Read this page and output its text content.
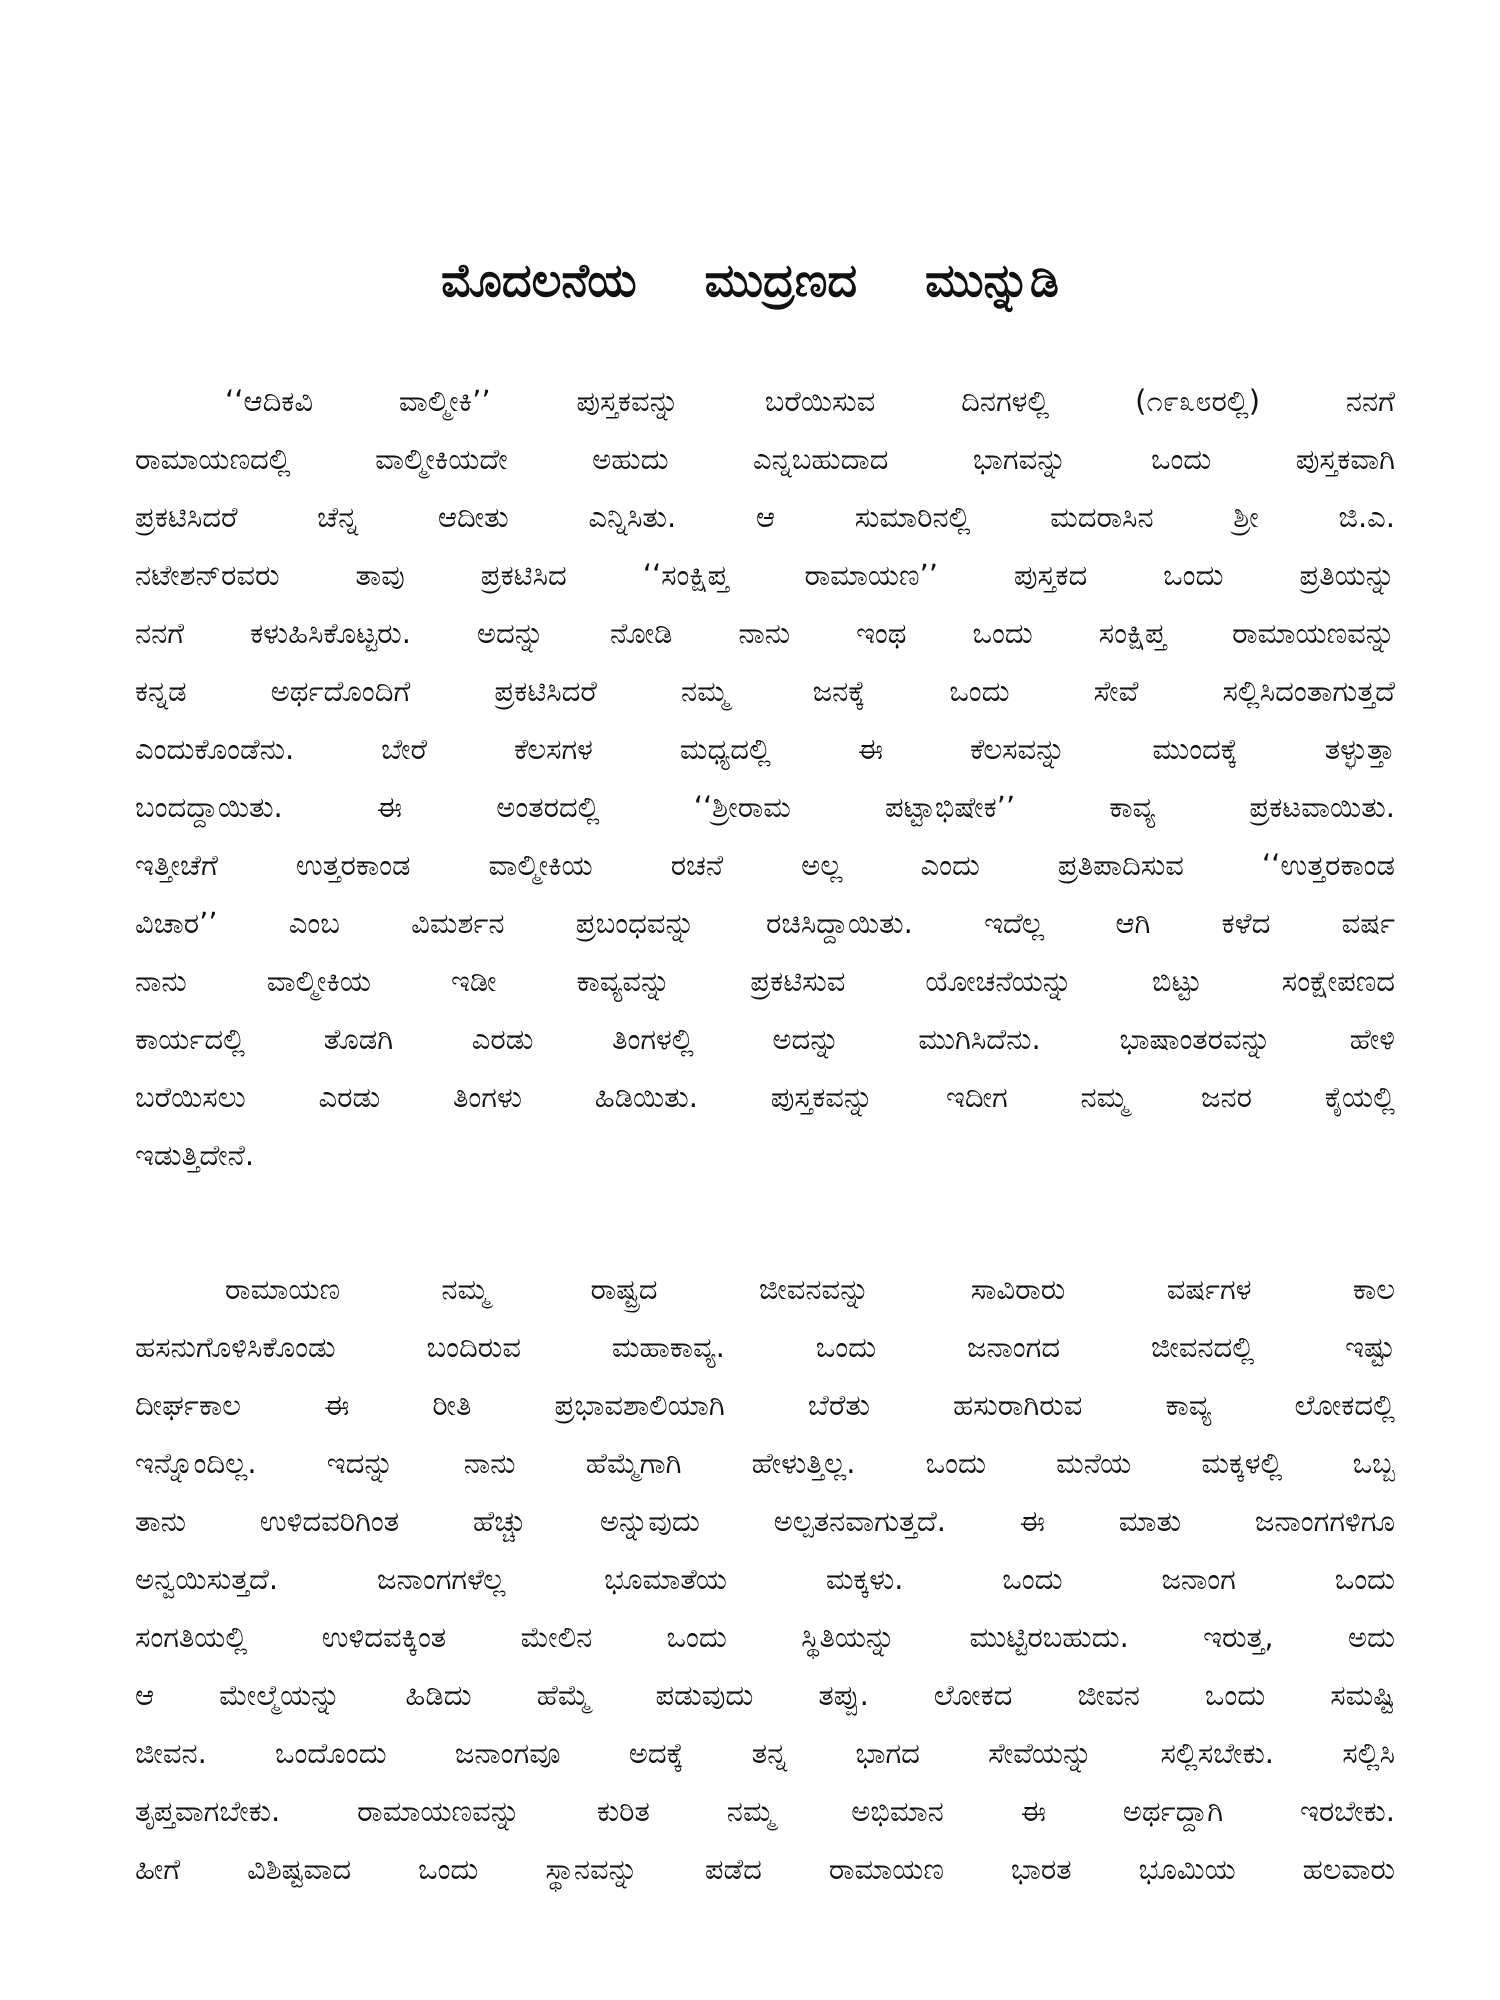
ಮೊದಲನೆಯ ಮುದ್ರಣದ ಮುನ್ನುಡಿ

‘‘ಆದಿಕವಿ ವಾಲ್ಮೀಕಿ’’ ಪುಸ್ತಕವನ್ನು ಬರೆಯಿಸುವ ದಿನಗಳಲ್ಲಿ (೧೯೩೮ರಲ್ಲಿ) ನನಗೆ
ರಾಮಾಯಣದಲ್ಲಿ ವಾಲ್ಮೀಕಿಯದೇ ಅಹುದು ಎನ್ನಬಹುದಾದ ಭಾಗವನ್ನು ಒಂದು ಪುಸ್ತಕವಾಗಿ
ಪ್ರಕಟಿಸಿದರೆ ಚೆನ್ನ ಆದೀತು ಎನ್ನಿಸಿತು. ಆ ಸುಮಾರಿನಲ್ಲಿ ಮದರಾಸಿನ ಶ್ರೀ ಜಿ.ಎ.
ನಟೇಶನ್‌ರವರು ತಾವು ಪ್ರಕಟಿಸಿದ ‘‘ಸಂಕ್ಷಿಪ್ತ ರಾಮಾಯಣ’’ ಪುಸ್ತಕದ ಒಂದು ಪ್ರತಿಯನ್ನು
ನನಗೆ ಕಳುಹಿಸಿಕೊಟ್ಟರು. ಅದನ್ನು ನೋಡಿ ನಾನು ಇಂಥ ಒಂದು ಸಂಕ್ಷಿಪ್ತ ರಾಮಾಯಣವನ್ನು
ಕನ್ನಡ ಅರ್ಥದೊಂದಿಗೆ ಪ್ರಕಟಿಸಿದರೆ ನಮ್ಮ ಜನಕ್ಕೆ ಒಂದು ಸೇವೆ ಸಲ್ಲಿಸಿದಂತಾಗುತ್ತದೆ
ಎಂದುಕೊಂಡೆನು. ಬೇರೆ ಕೆಲಸಗಳ ಮಧ್ಯದಲ್ಲಿ ಈ ಕೆಲಸವನ್ನು ಮುಂದಕ್ಕೆ ತಳ್ಳುತ್ತಾ
ಬಂದದ್ದಾಯಿತು. ಈ ಅಂತರದಲ್ಲಿ ‘‘ಶ್ರೀರಾಮ ಪಟ್ಟಾಭಿಷೇಕ’’ ಕಾವ್ಯ ಪ್ರಕಟವಾಯಿತು.
ಇತ್ತೀಚೆಗೆ ಉತ್ತರಕಾಂಡ ವಾಲ್ಮೀಕಿಯ ರಚನೆ ಅಲ್ಲ ಎಂದು ಪ್ರತಿಪಾದಿಸುವ ‘‘ಉತ್ತರಕಾಂಡ
ವಿಚಾರ’’ ಎಂಬ ವಿಮರ್ಶನ ಪ್ರಬಂಧವನ್ನು ರಚಿಸಿದ್ದಾಯಿತು. ಇದೆಲ್ಲ ಆಗಿ ಕಳೆದ ವರ್ಷ
ನಾನು ವಾಲ್ಮೀಕಿಯ ಇಡೀ ಕಾವ್ಯವನ್ನು ಪ್ರಕಟಿಸುವ ಯೋಚನೆಯನ್ನು ಬಿಟ್ಟು ಸಂಕ್ಷೇಪಣದ
ಕಾರ್ಯದಲ್ಲಿ ತೊಡಗಿ ಎರಡು ತಿಂಗಳಲ್ಲಿ ಅದನ್ನು ಮುಗಿಸಿದೆನು. ಭಾಷಾಂತರವನ್ನು ಹೇಳಿ
ಬರೆಯಿಸಲು ಎರಡು ತಿಂಗಳು ಹಿಡಿಯಿತು. ಪುಸ್ತಕವನ್ನು ಇದೀಗ ನಮ್ಮ ಜನರ ಕೈಯಲ್ಲಿ
ಇಡುತ್ತಿದೇನೆ.

ರಾಮಾಯಣ ನಮ್ಮ ರಾಷ್ಟ್ರದ ಜೀವನವನ್ನು ಸಾವಿರಾರು ವರ್ಷಗಳ ಕಾಲ
ಹಸನುಗೊಳಿಸಿಕೊಂಡು ಬಂದಿರುವ ಮಹಾಕಾವ್ಯ. ಒಂದು ಜನಾಂಗದ ಜೀವನದಲ್ಲಿ ಇಷ್ಟು
ದೀರ್ಘಕಾಲ ಈ ರೀತಿ ಪ್ರಭಾವಶಾಲಿಯಾಗಿ ಬೆರೆತು ಹಸುರಾಗಿರುವ ಕಾವ್ಯ ಲೋಕದಲ್ಲಿ
ಇನ್ನೊಂದಿಲ್ಲ. ಇದನ್ನು ನಾನು ಹೆಮ್ಮೆಗಾಗಿ ಹೇಳುತ್ತಿಲ್ಲ. ಒಂದು ಮನೆಯ ಮಕ್ಕಳಲ್ಲಿ ಒಬ್ಬ
ತಾನು ಉಳಿದವರಿಗಿಂತ ಹೆಚ್ಚು ಅನ್ನುವುದು ಅಲ್ಪತನವಾಗುತ್ತದೆ. ಈ ಮಾತು ಜನಾಂಗಗಳಿಗೂ
ಅನ್ವಯಿಸುತ್ತದೆ. ಜನಾಂಗಗಳೆಲ್ಲ ಭೂಮಾತೆಯ ಮಕ್ಕಳು. ಒಂದು ಜನಾಂಗ ಒಂದು
ಸಂಗತಿಯಲ್ಲಿ ಉಳಿದವಕ್ಕಿಂತ ಮೇಲಿನ ಒಂದು ಸ್ಥಿತಿಯನ್ನು ಮುಟ್ಟಿರಬಹುದು. ಇರುತ್ತ, ಅದು
ಆ ಮೇಲ್ಮೆಯನ್ನು ಹಿಡಿದು ಹೆಮ್ಮೆ ಪಡುವುದು ತಪ್ಪು. ಲೋಕದ ಜೀವನ ಒಂದು ಸಮಷ್ಟಿ
ಜೀವನ. ಒಂದೊಂದು ಜನಾಂಗವೂ ಅದಕ್ಕೆ ತನ್ನ ಭಾಗದ ಸೇವೆಯನ್ನು ಸಲ್ಲಿಸಬೇಕು. ಸಲ್ಲಿಸಿ
ತೃಪ್ತವಾಗಬೇಕು. ರಾಮಾಯಣವನ್ನು ಕುರಿತ ನಮ್ಮ ಅಭಿಮಾನ ಈ ಅರ್ಥದ್ದಾಗಿ ಇರಬೇಕು.
ಹೀಗೆ ವಿಶಿಷ್ಟವಾದ ಒಂದು ಸ್ಥಾನವನ್ನು ಪಡೆದ ರಾಮಾಯಣ ಭಾರತ ಭೂಮಿಯ ಹಲವಾರು
